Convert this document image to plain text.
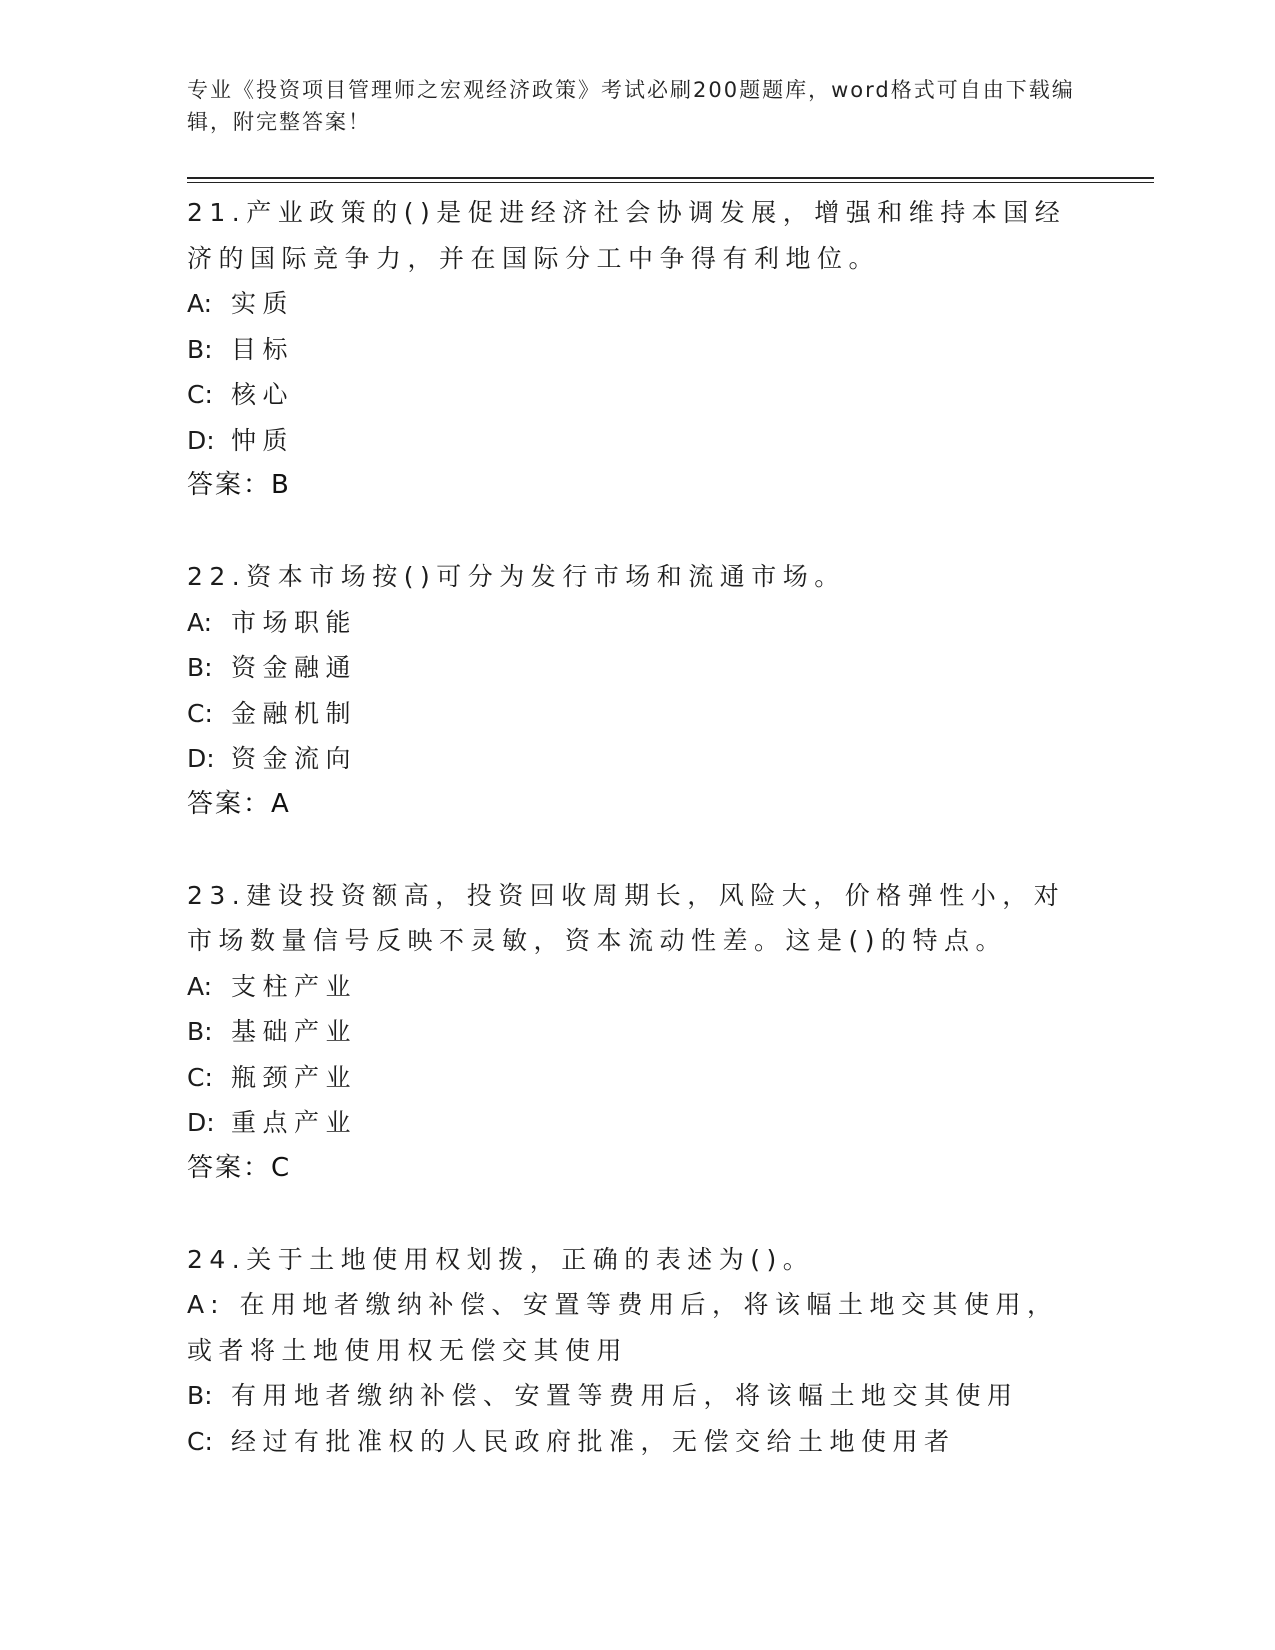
专业《投资项目管理师之宏观经济政策》考试必刷200题题库，word格式可自由下载编辑，附完整答案！

21.产业政策的()是促进经济社会协调发展，增强和维持本国经济的国际竞争力，并在国际分工中争得有利地位。

A: 实质

B: 目标

C: 核心

D: 忡质

答案：B

22.资本市场按()可分为发行市场和流通市场。

A: 市场职能

B: 资金融通

C: 金融机制

D: 资金流向

答案：A

23.建设投资额高，投资回收周期长，风险大，价格弹性小，对市场数量信号反映不灵敏，资本流动性差。这是()的特点。

A: 支柱产业

B: 基础产业

C: 瓶颈产业

D: 重点产业

答案：C

24.关于土地使用权划拨，正确的表述为()。

A: 在用地者缴纳补偿、安置等费用后，将该幅土地交其使用，或者将土地使用权无偿交其使用

B: 有用地者缴纳补偿、安置等费用后，将该幅土地交其使用

C: 经过有批准权的人民政府批准，无偿交给土地使用者
